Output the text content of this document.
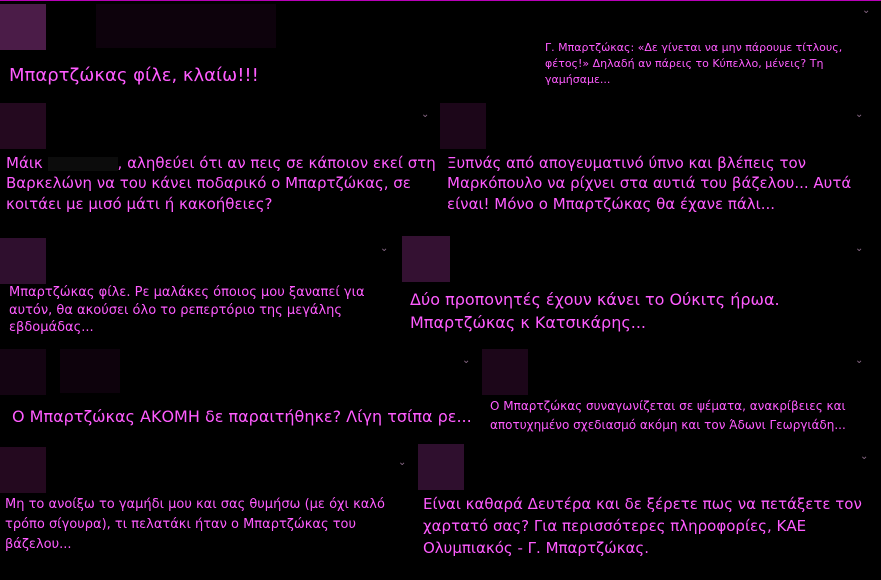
Μπαρτζώκας φίλε, κλαίω!!!
⌄
Γ. Μπαρτζώκας: «Δε γίνεται να μην πάρουμε τίτλους, φέτος!» Δηλαδή αν πάρεις το Κύπελλο, μένεις? Τη γαμήσαμε...
⌄
Μάικ	, αληθεύει ότι αν πεις σε κάποιον εκεί στη Βαρκελώνη να του κάνει ποδαρικό ο Μπαρτζώκας, σε κοιτάει με μισό μάτι ή κακοήθειες?
⌄
Ξυπνάς από απογευματινό ύπνο και βλέπεις τον Μαρκόπουλο να ρίχνει στα αυτιά του βάζελου... Αυτά είναι! Μόνο ο Μπαρτζώκας θα έχανε πάλι...
⌄
Μπαρτζώκας φίλε. Ρε μαλάκες όποιος μου ξαναπεί για αυτόν, θα ακούσει όλο το ρεπερτόριο της μεγάλης εβδομάδας...
⌄
Δύο προπονητές έχουν κάνει το Ούκιτς ήρωα. Μπαρτζώκας κ Κατσικάρης...
⌄
Ο Μπαρτζώκας ΑΚΟΜΗ δε παραιτήθηκε? Λίγη τσίπα ρε...
⌄
Ο Μπαρτζώκας συναγωνίζεται σε ψέματα, ανακρίβειες και αποτυχημένο σχεδιασμό ακόμη και τον Άδωνι Γεωργιάδη...
⌄
Μη το ανοίξω το γαμήδι μου και σας θυμήσω (με όχι καλό τρόπο σίγουρα), τι πελατάκι ήταν ο Μπαρτζώκας του βάζελου...
⌄
Είναι καθαρά Δευτέρα και δε ξέρετε πως να πετάξετε τον χαρτατό σας? Για περισσότερες πληροφορίες, ΚΑΕ Ολυμπιακός - Γ. Μπαρτζώκας.
